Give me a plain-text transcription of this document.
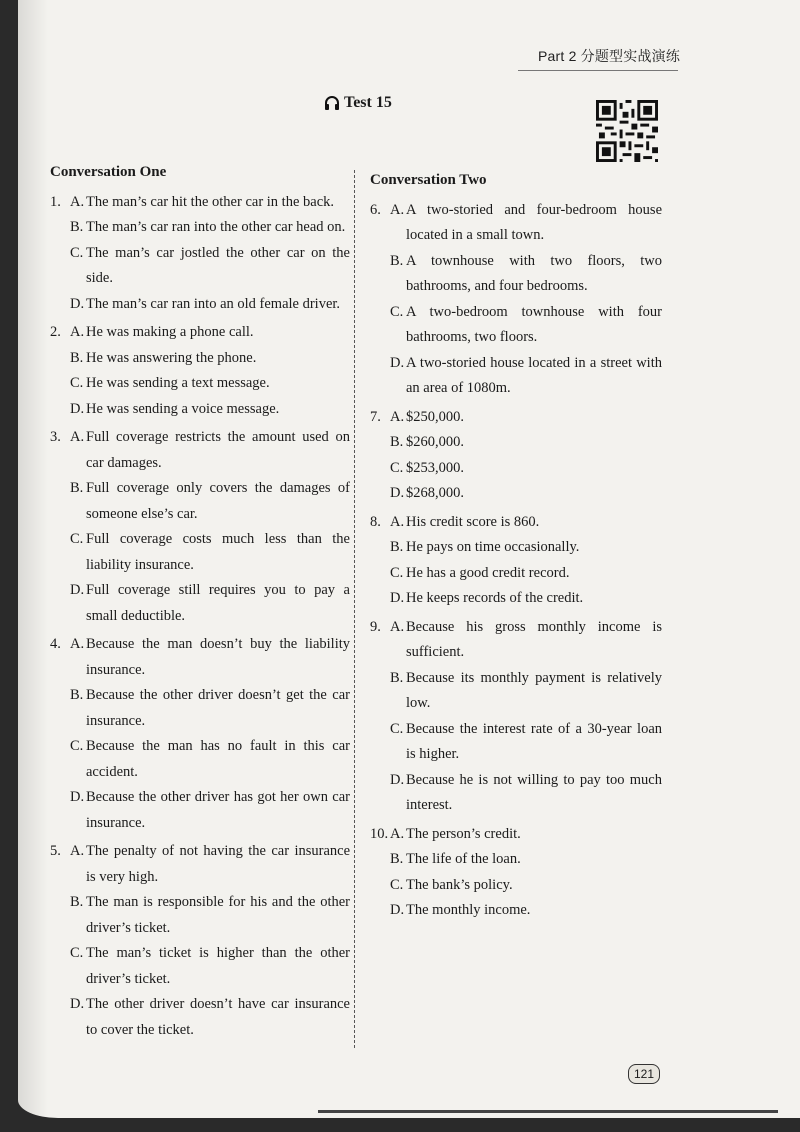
Part 2 分题型实战演练
Test 15
Conversation One
1. A. The man’s car hit the other car in the back.
B. The man’s car ran into the other car head on.
C. The man’s car jostled the other car on the side.
D. The man’s car ran into an old female driver.
2. A. He was making a phone call.
B. He was answering the phone.
C. He was sending a text message.
D. He was sending a voice message.
3. A. Full coverage restricts the amount used on car damages.
B. Full coverage only covers the damages of someone else’s car.
C. Full coverage costs much less than the liability insurance.
D. Full coverage still requires you to pay a small deductible.
4. A. Because the man doesn’t buy the liability insurance.
B. Because the other driver doesn’t get the car insurance.
C. Because the man has no fault in this car accident.
D. Because the other driver has got her own car insurance.
5. A. The penalty of not having the car insurance is very high.
B. The man is responsible for his and the other driver’s ticket.
C. The man’s ticket is higher than the other driver’s ticket.
D. The other driver doesn’t have car insurance to cover the ticket.
Conversation Two
6. A. A two-storied and four-bedroom house located in a small town.
B. A townhouse with two floors, two bathrooms, and four bedrooms.
C. A two-bedroom townhouse with four bathrooms, two floors.
D. A two-storied house located in a street with an area of 1080m.
7. A. $250,000.
B. $260,000.
C. $253,000.
D. $268,000.
8. A. His credit score is 860.
B. He pays on time occasionally.
C. He has a good credit record.
D. He keeps records of the credit.
9. A. Because his gross monthly income is sufficient.
B. Because its monthly payment is relatively low.
C. Because the interest rate of a 30-year loan is higher.
D. Because he is not willing to pay too much interest.
10. A. The person’s credit.
B. The life of the loan.
C. The bank’s policy.
D. The monthly income.
121
